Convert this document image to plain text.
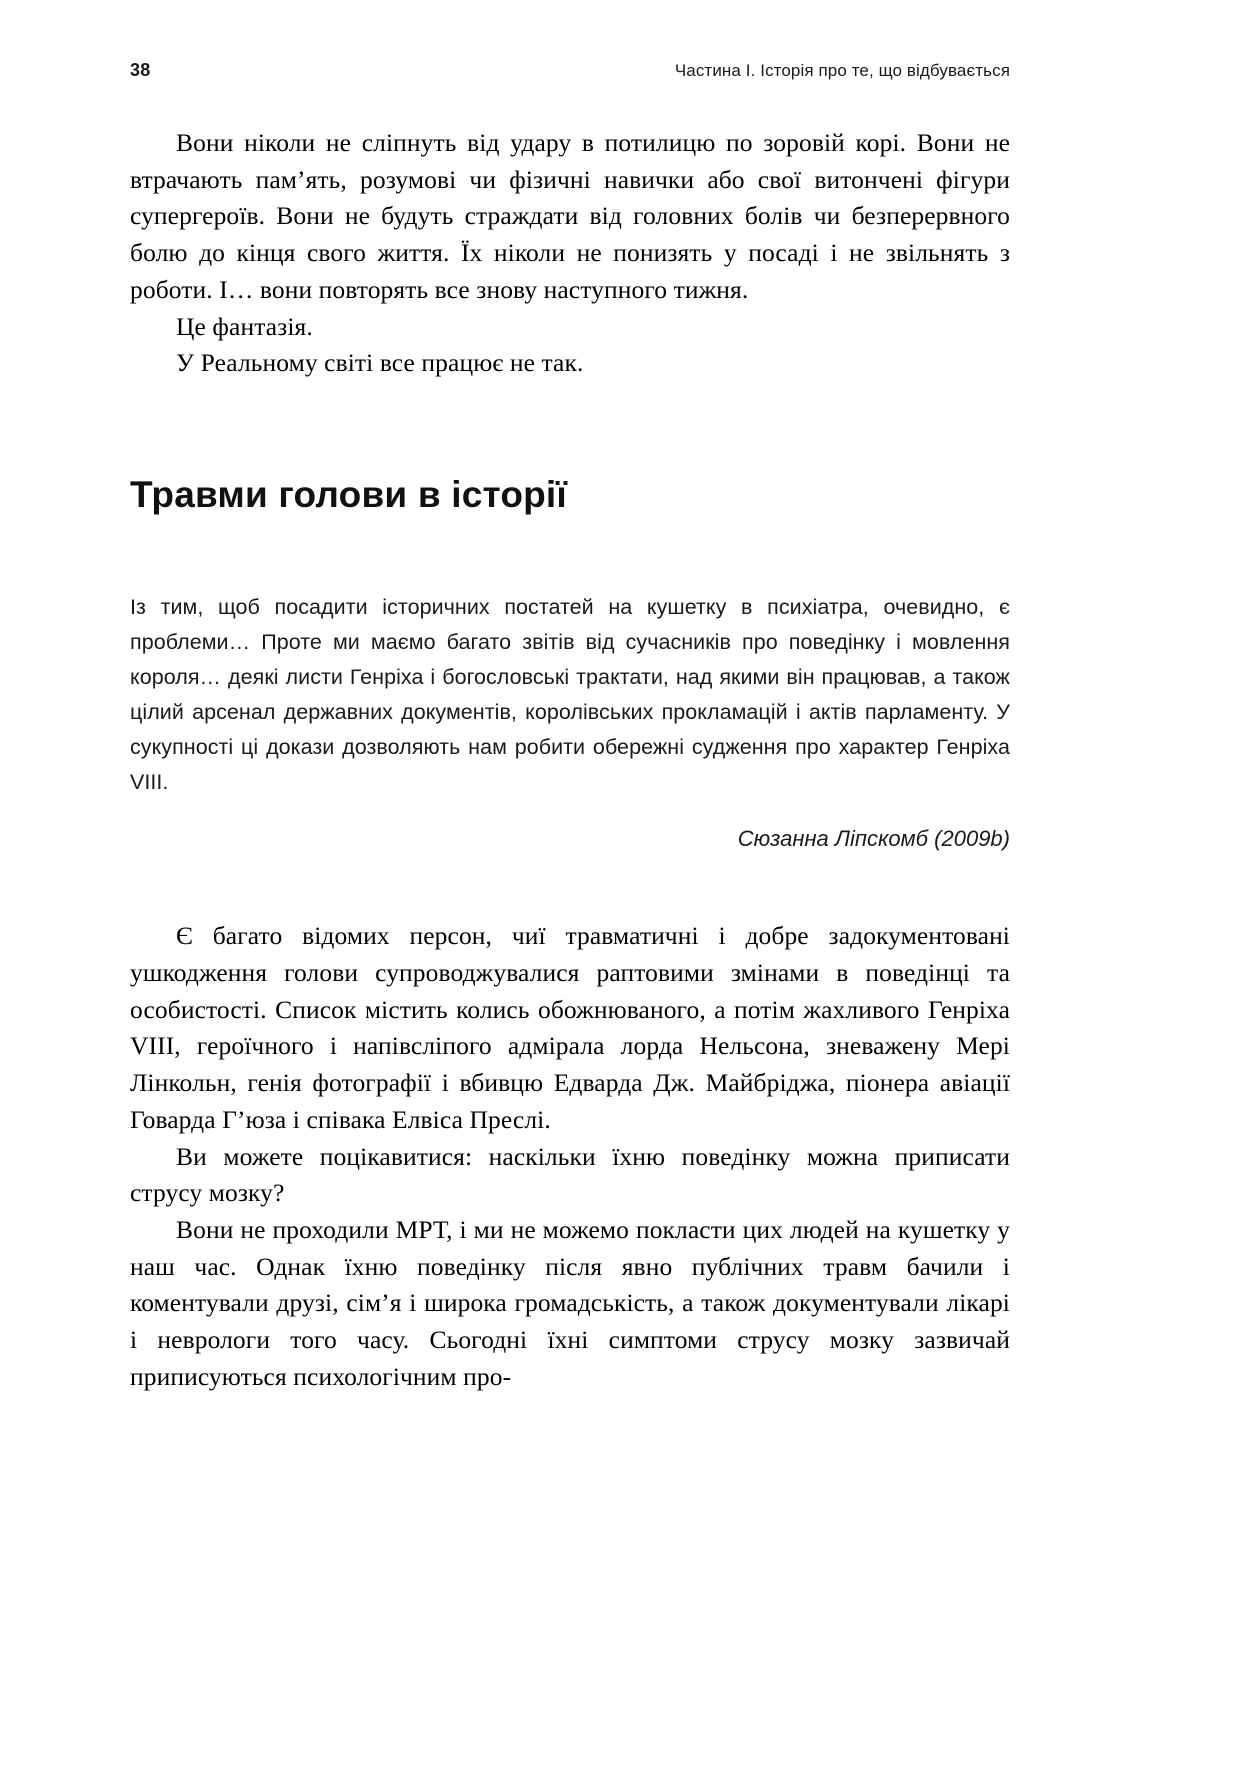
38	Частина I. Історія про те, що відбувається

Вони ніколи не сліпнуть від удару в потилицю по зоровій корі. Вони не втрачають пам’ять, розумові чи фізичні навички або свої витончені фігури супергероїв. Вони не будуть страждати від головних болів чи безперервного болю до кінця свого життя. Їх ніколи не понизять у посаді і не звільнять з роботи. І… вони повторять все знову наступного тижня.

Це фантазія.

У Реальному світі все працює не так.

Травми голови в історії
Із тим, щоб посадити історичних постатей на кушетку в психіатра, очевидно, є проблеми… Проте ми маємо багато звітів від сучасників про поведінку і мовлення короля… деякі листи Генріха і богословські трактати, над якими він працював, а також цілий арсенал державних документів, королівських прокламацій і актів парламенту. У сукупності ці докази дозволяють нам робити обережні судження про характер Генріха VIII.
Сюзанна Ліпскомб (2009b)

Є багато відомих персон, чиї травматичні і добре задокументовані ушкодження голови супроводжувалися раптовими змінами в поведінці та особистості. Список містить колись обожнюваного, а потім жахливого Генріха VIII, героїчного і напівсліпого адмірала лорда Нельсона, зневажену Мері Лінкольн, генія фотографії і вбивцю Едварда Дж. Майбріджа, піонера авіації Говарда Г’юза і співака Елвіса Преслі.

Ви можете поцікавитися: наскільки їхню поведінку можна приписати струсу мозку?

Вони не проходили МРТ, і ми не можемо покласти цих людей на кушетку у наш час. Однак їхню поведінку після явно публічних травм бачили і коментували друзі, сім’я і широка громадськість, а також документували лікарі і неврологи того часу. Сьогодні їхні симптоми струсу мозку зазвичай приписуються психологічним про-
